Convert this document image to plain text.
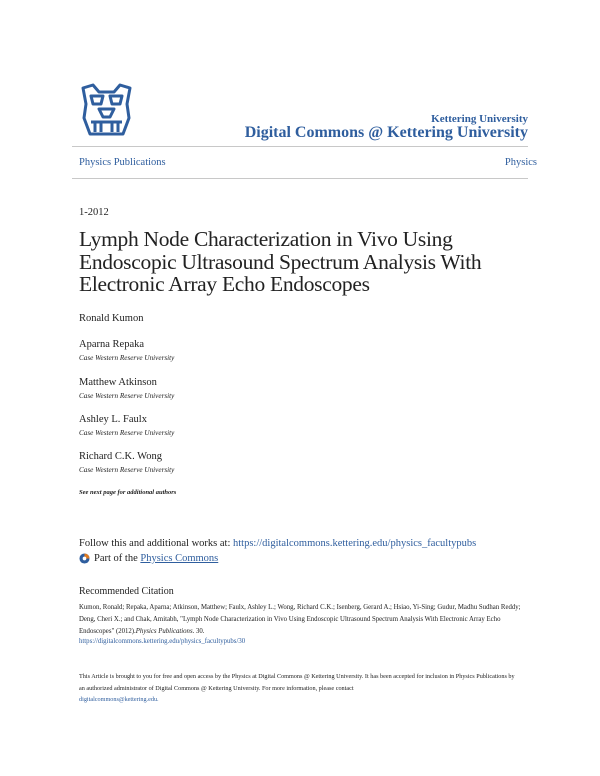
Kettering University
Digital Commons @ Kettering University
Physics Publications	Physics
1-2012
Lymph Node Characterization in Vivo Using Endoscopic Ultrasound Spectrum Analysis With Electronic Array Echo Endoscopes
Ronald Kumon
Aparna Repaka
Case Western Reserve University
Matthew Atkinson
Case Western Reserve University
Ashley L. Faulx
Case Western Reserve University
Richard C.K. Wong
Case Western Reserve University
See next page for additional authors
Follow this and additional works at: https://digitalcommons.kettering.edu/physics_facultypubs
Part of the
Physics Commons
Recommended Citation
Kumon, Ronald; Repaka, Aparna; Atkinson, Matthew; Faulx, Ashley L.; Wong, Richard C.K.; Isenberg, Gerard A.; Hsiao, Yi-Sing; Gudur, Madhu Sudhan Reddy; Deng, Cheri X.; and Chak, Amitabh, "Lymph Node Characterization in Vivo Using Endoscopic Ultrasound Spectrum Analysis With Electronic Array Echo Endoscopes" (2012).Physics Publications. 30.
https://digitalcommons.kettering.edu/physics_facultypubs/30
This Article is brought to you for free and open access by the Physics at Digital Commons @ Kettering University. It has been accepted for inclusion in Physics Publications by an authorized administrator of Digital Commons @ Kettering University. For more information, please contact
digitalcommons@kettering.edu.
